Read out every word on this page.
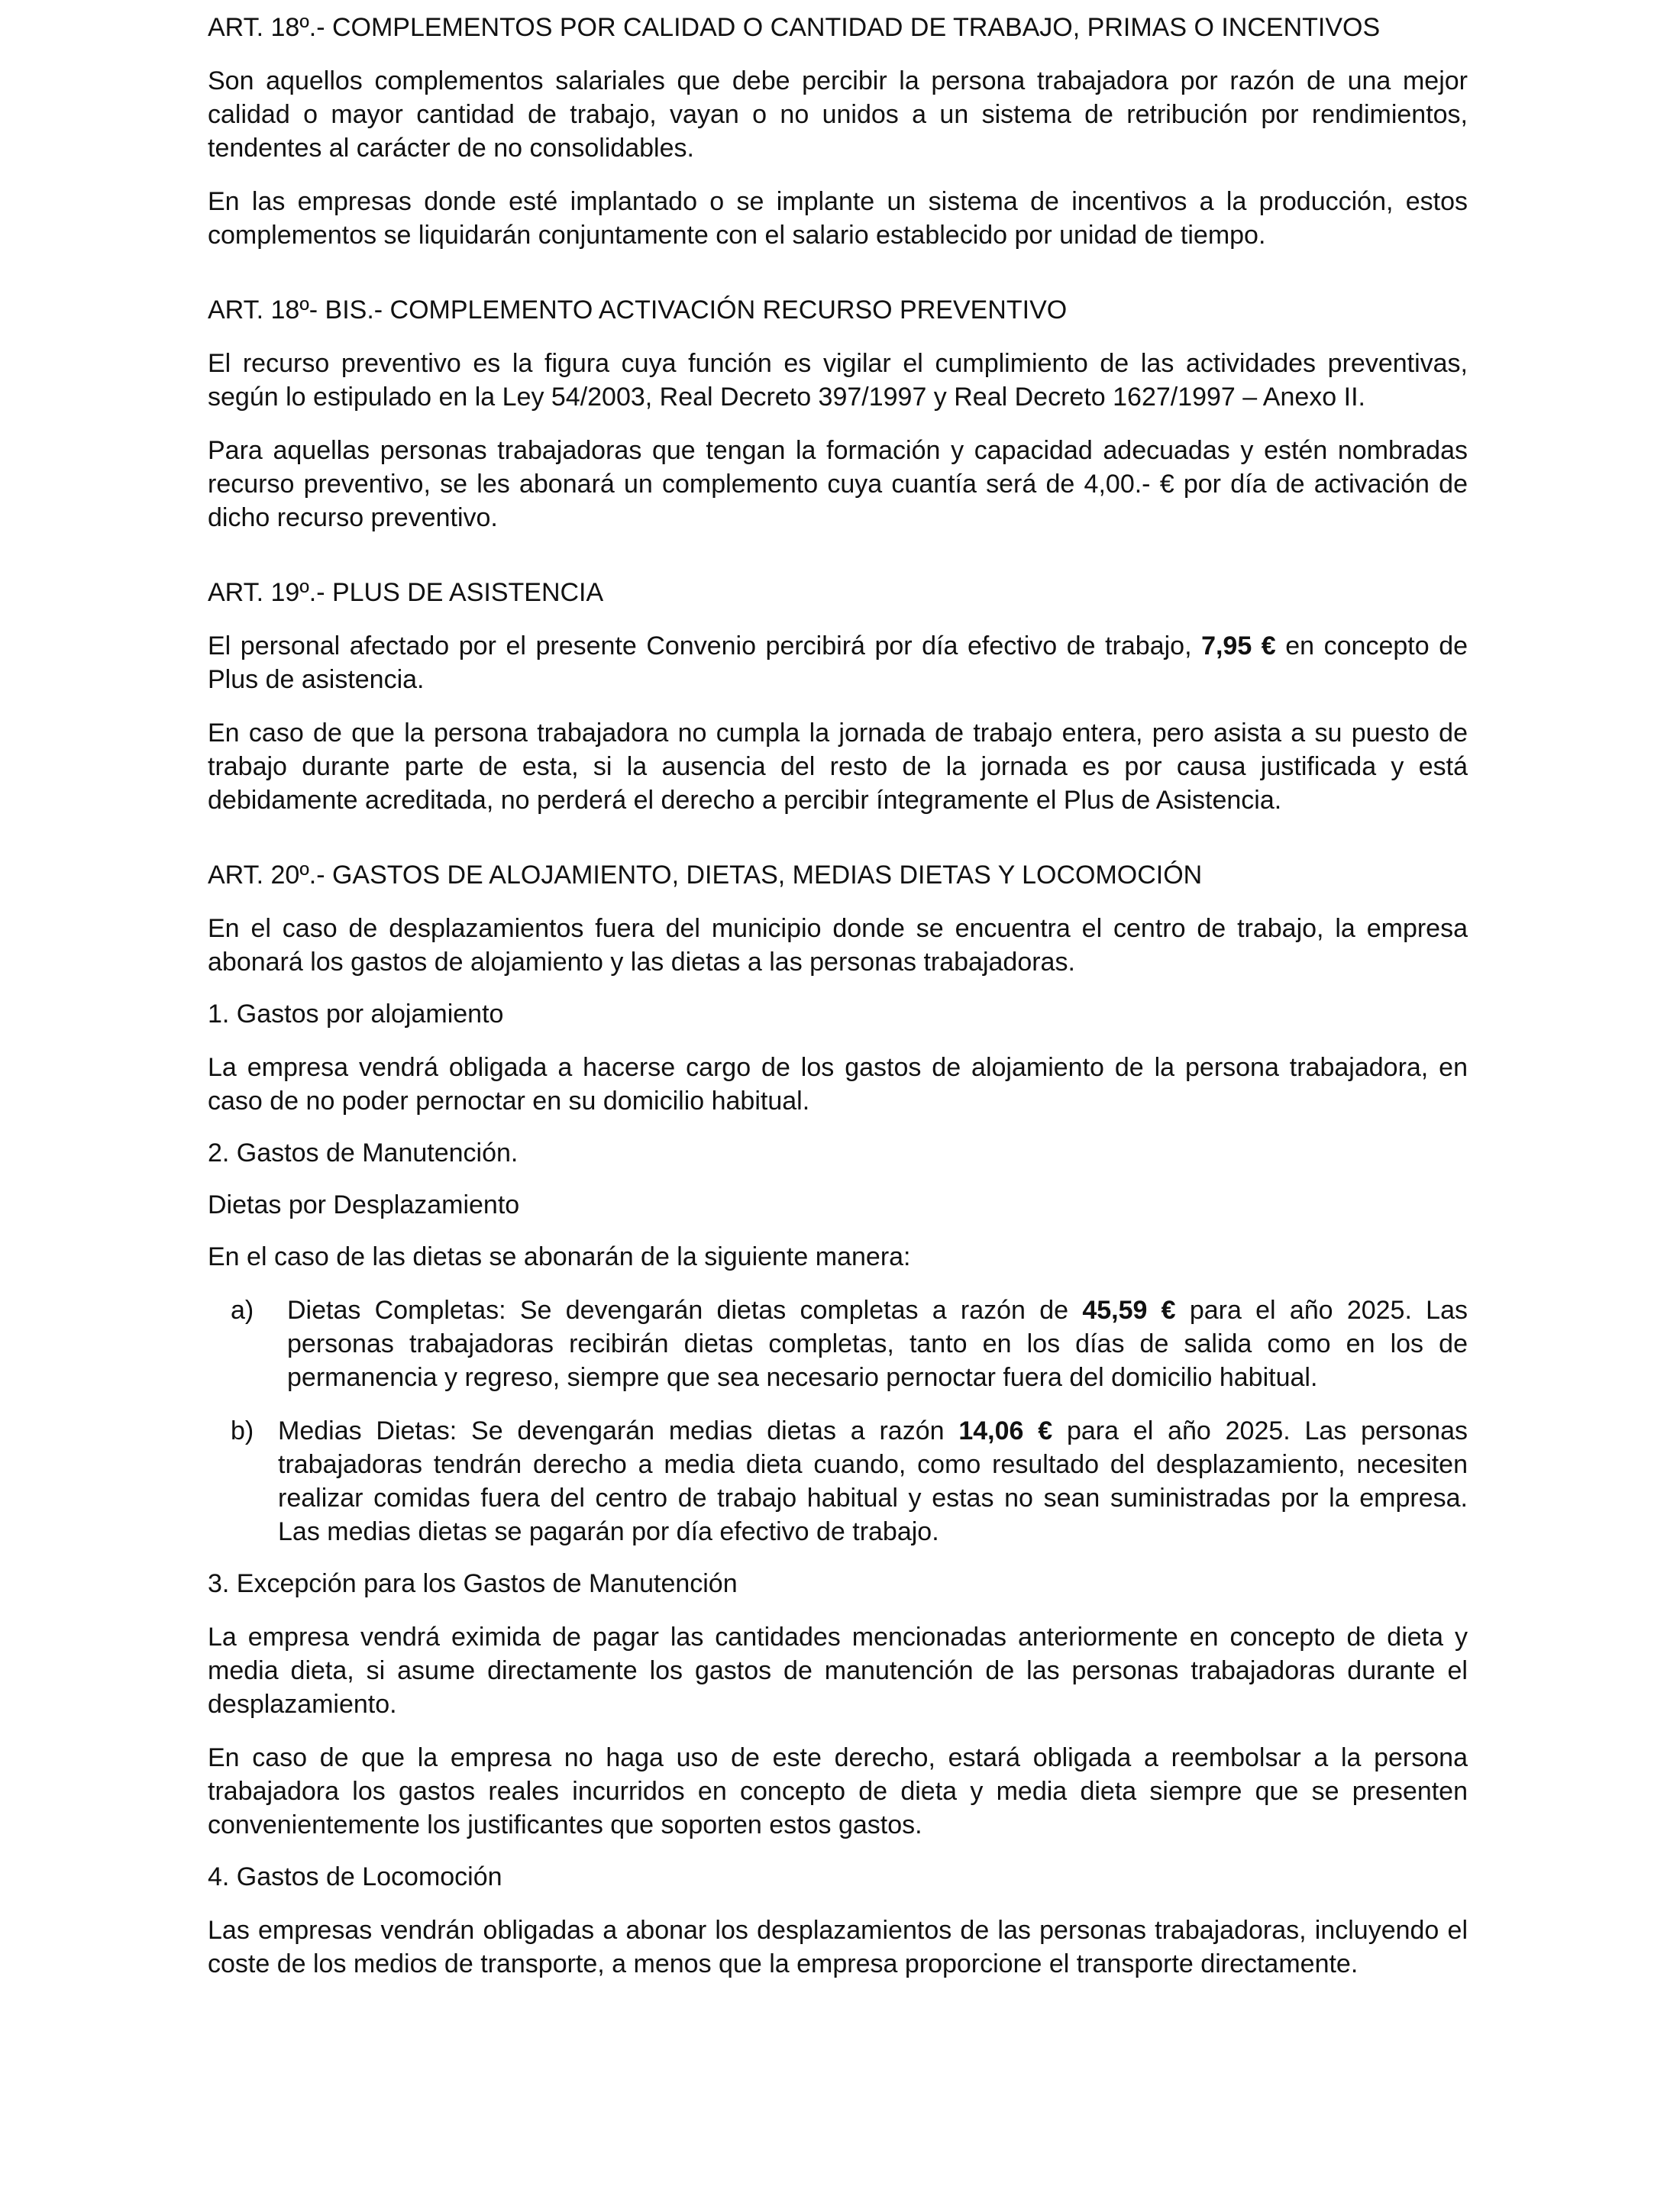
ART. 18º.- COMPLEMENTOS POR CALIDAD O CANTIDAD DE TRABAJO, PRIMAS O INCENTIVOS

Son aquellos complementos salariales que debe percibir la persona trabajadora por razón de una mejor calidad o mayor cantidad de trabajo, vayan o no unidos a un sistema de retribución por rendimientos, tendentes al carácter de no consolidables.

En las empresas donde esté implantado o se implante un sistema de incentivos a la producción, estos complementos se liquidarán conjuntamente con el salario establecido por unidad de tiempo.

ART. 18º- BIS.- COMPLEMENTO ACTIVACIÓN RECURSO PREVENTIVO

El recurso preventivo es la figura cuya función es vigilar el cumplimiento de las actividades preventivas, según lo estipulado en la Ley 54/2003, Real Decreto 397/1997 y Real Decreto 1627/1997 – Anexo II.

Para aquellas personas trabajadoras que tengan la formación y capacidad adecuadas y estén nombradas recurso preventivo, se les abonará un complemento cuya cuantía será de 4,00.- € por día de activación de dicho recurso preventivo.

ART. 19º.- PLUS DE ASISTENCIA

El personal afectado por el presente Convenio percibirá por día efectivo de trabajo, 7,95 € en concepto de Plus de asistencia.

En caso de que la persona trabajadora no cumpla la jornada de trabajo entera, pero asista a su puesto de trabajo durante parte de esta, si la ausencia del resto de la jornada es por causa justificada y está debidamente acreditada, no perderá el derecho a percibir íntegramente el Plus de Asistencia.

ART. 20º.- GASTOS DE ALOJAMIENTO, DIETAS, MEDIAS DIETAS Y LOCOMOCIÓN

En el caso de desplazamientos fuera del municipio donde se encuentra el centro de trabajo, la empresa abonará los gastos de alojamiento y las dietas a las personas trabajadoras.

1. Gastos por alojamiento

La empresa vendrá obligada a hacerse cargo de los gastos de alojamiento de la persona trabajadora, en caso de no poder pernoctar en su domicilio habitual.

2. Gastos de Manutención.

Dietas por Desplazamiento

En el caso de las dietas se abonarán de la siguiente manera:

a) Dietas Completas: Se devengarán dietas completas a razón de 45,59 € para el año 2025. Las personas trabajadoras recibirán dietas completas, tanto en los días de salida como en los de permanencia y regreso, siempre que sea necesario pernoctar fuera del domicilio habitual.

b) Medias Dietas: Se devengarán medias dietas a razón 14,06 € para el año 2025. Las personas trabajadoras tendrán derecho a media dieta cuando, como resultado del desplazamiento, necesiten realizar comidas fuera del centro de trabajo habitual y estas no sean suministradas por la empresa. Las medias dietas se pagarán por día efectivo de trabajo.

3. Excepción para los Gastos de Manutención

La empresa vendrá eximida de pagar las cantidades mencionadas anteriormente en concepto de dieta y media dieta, si asume directamente los gastos de manutención de las personas trabajadoras durante el desplazamiento.

En caso de que la empresa no haga uso de este derecho, estará obligada a reembolsar a la persona trabajadora los gastos reales incurridos en concepto de dieta y media dieta siempre que se presenten convenientemente los justificantes que soporten estos gastos.

4. Gastos de Locomoción

Las empresas vendrán obligadas a abonar los desplazamientos de las personas trabajadoras, incluyendo el coste de los medios de transporte, a menos que la empresa proporcione el transporte directamente.
